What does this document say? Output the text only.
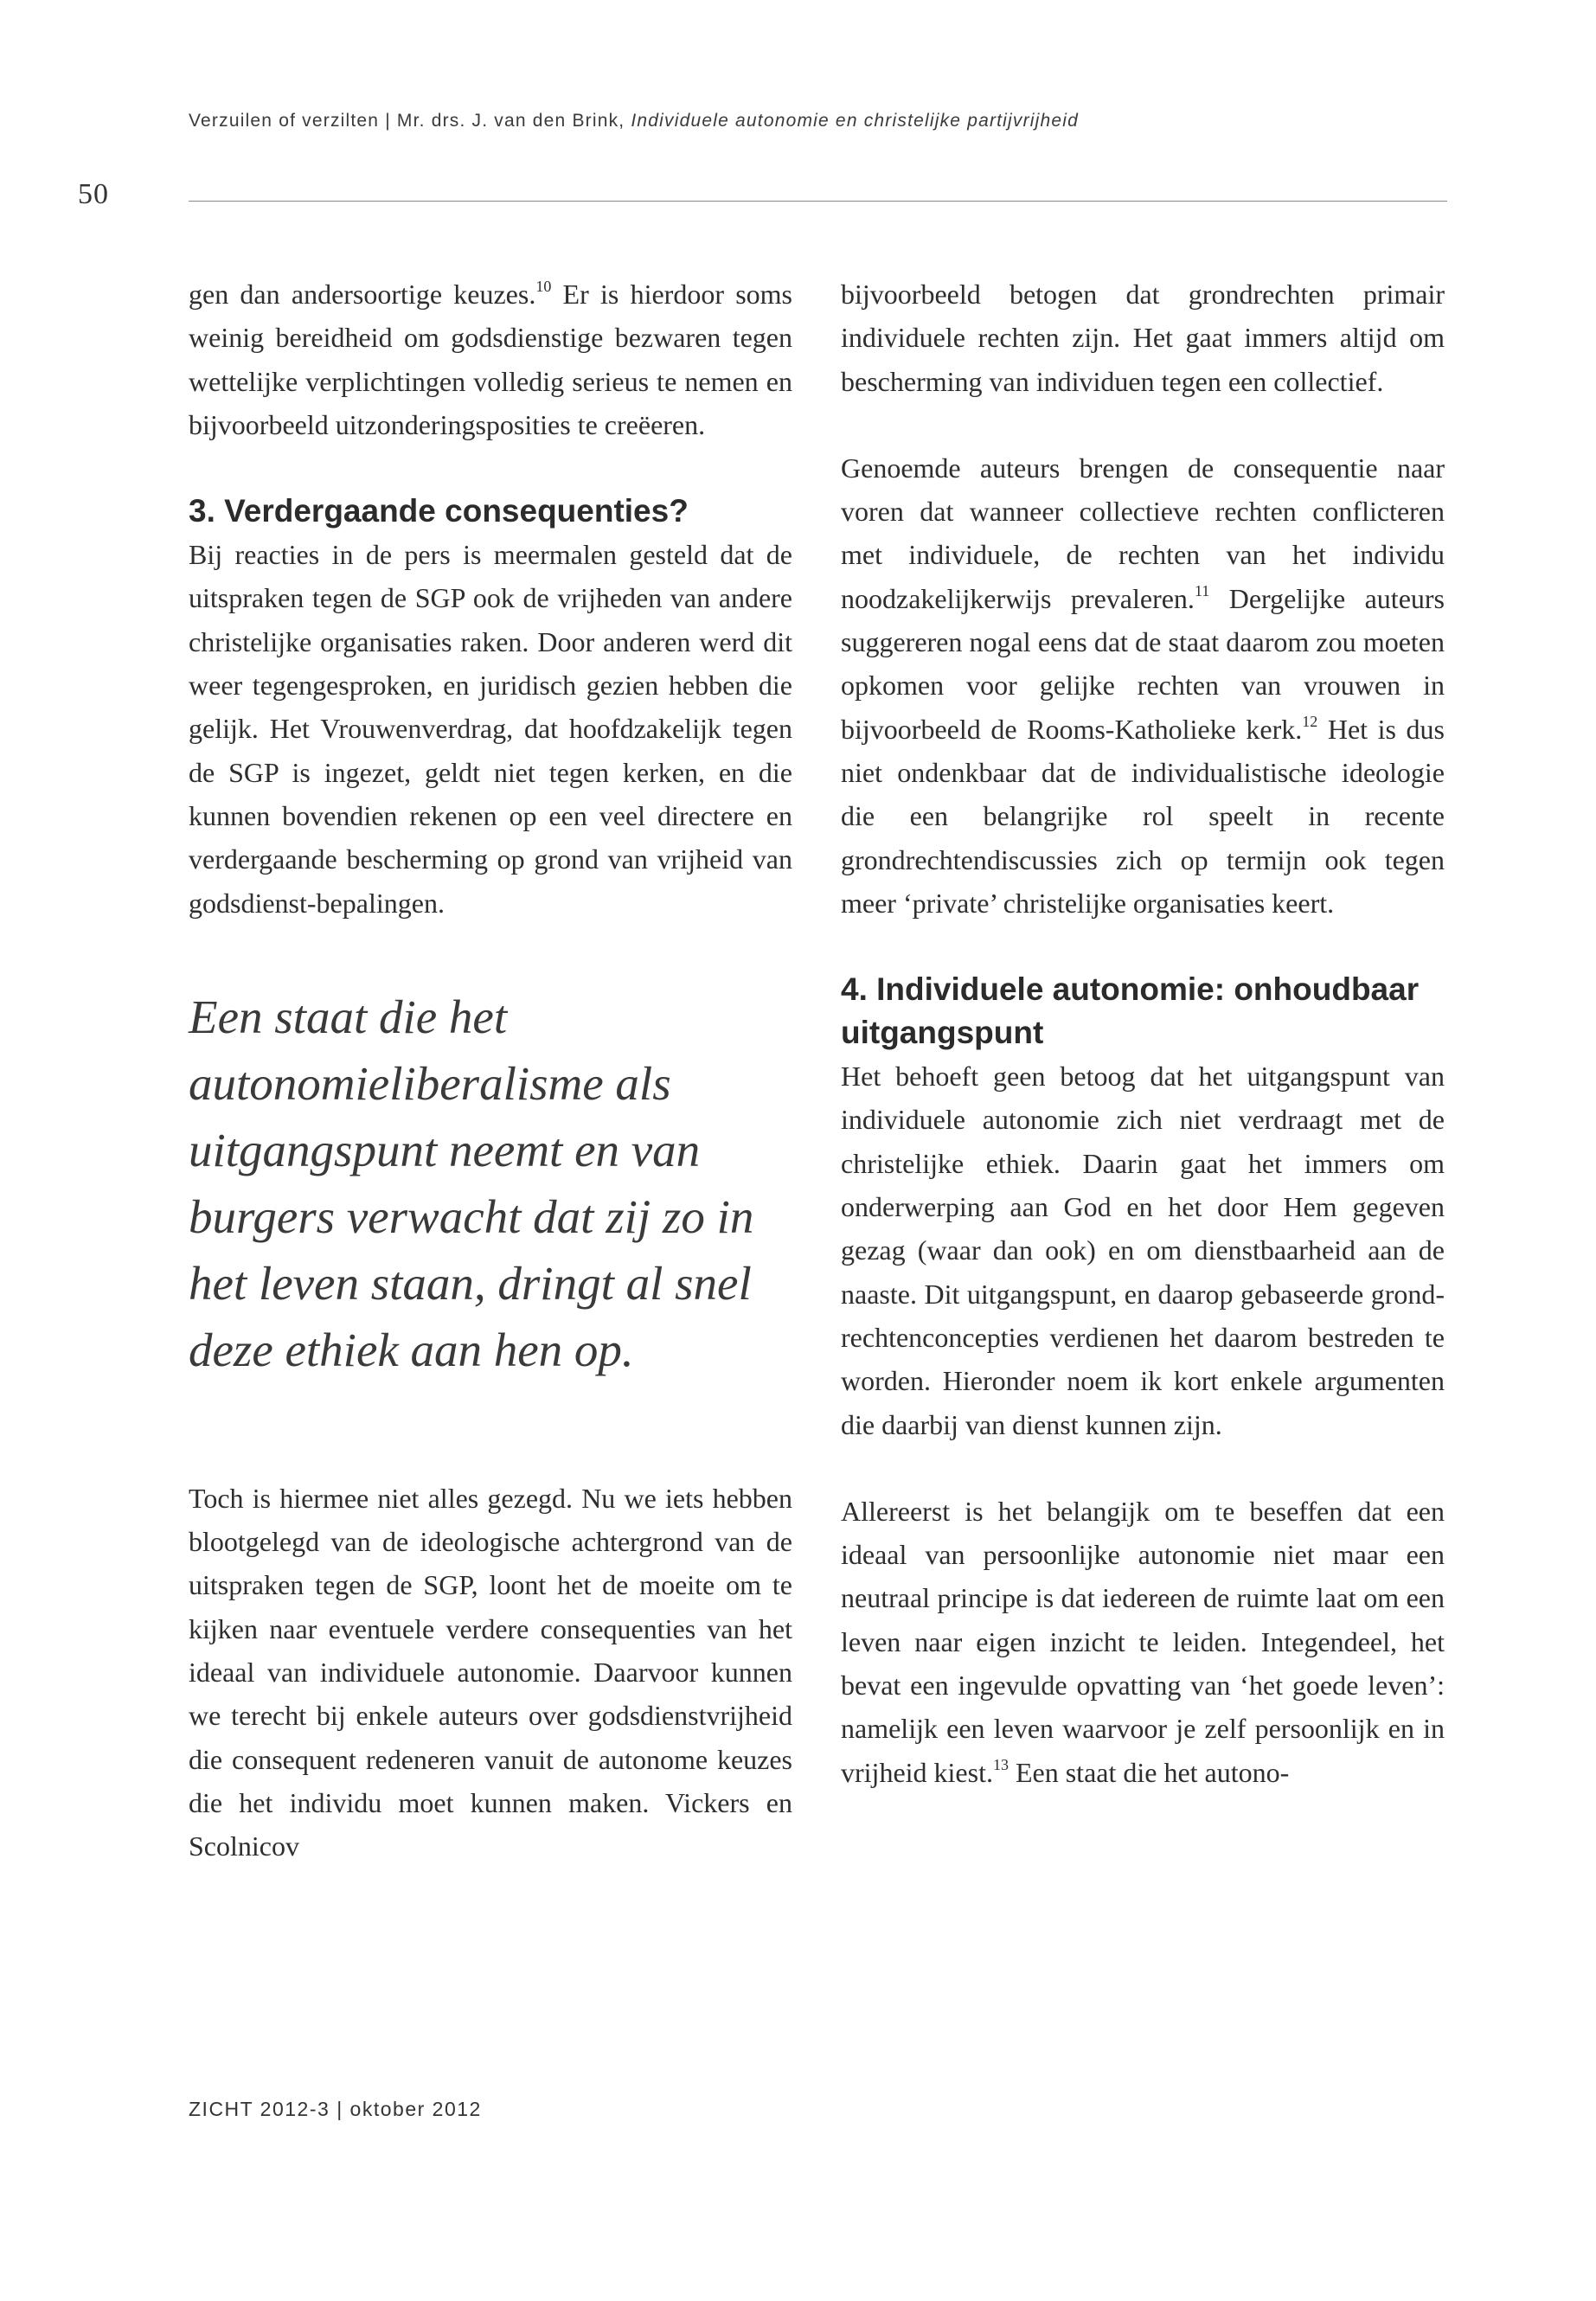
Verzuilen of verzilten | Mr. drs. J. van den Brink, Individuele autonomie en christelijke partijvrijheid
50

gen dan andersoortige keuzes.$^{10}$ Er is hierdoor soms weinig bereidheid om godsdienstige bezwaren tegen wettelijke verplichtingen volledig serieus te nemen en bijvoorbeeld uitzonderingsposities te creëeren.

3. Verdergaande consequenties?

Bij reacties in de pers is meermalen gesteld dat de uitspraken tegen de SGP ook de vrijheden van andere christelijke organisaties raken. Door anderen werd dit weer tegengesproken, en juridisch gezien hebben die gelijk. Het Vrouwenverdrag, dat hoofdzakelijk tegen de SGP is ingezet, geldt niet tegen kerken, en die kunnen bovendien rekenen op een veel directere en verdergaande bescherming op grond van vrijheid van godsdienst-bepalingen.

Een staat die het autonomieliberalisme als uitgangspunt neemt en van burgers verwacht dat zij zo in het leven staan, dringt al snel deze ethiek aan hen op.

Toch is hiermee niet alles gezegd. Nu we iets hebben blootgelegd van de ideologische achtergrond van de uitspraken tegen de SGP, loont het de moeite om te kijken naar eventuele verdere consequenties van het ideaal van individuele autonomie. Daarvoor kunnen we terecht bij enkele auteurs over godsdienstvrijheid die consequent redeneren vanuit de autonome keuzes die het individu moet kunnen maken. Vickers en Scolnicov

bijvoorbeeld betogen dat grondrechten primair individuele rechten zijn. Het gaat immers altijd om bescherming van individuen tegen een collectief.

Genoemde auteurs brengen de consequentie naar voren dat wanneer collectieve rechten conflicteren met individuele, de rechten van het individu noodzakelijkerwijs prevaleren.$^{11}$ Dergelijke auteurs suggereren nogal eens dat de staat daarom zou moeten opkomen voor gelijke rechten van vrouwen in bijvoorbeeld de Rooms-Katholieke kerk.$^{12}$ Het is dus niet ondenkbaar dat de individualistische ideologie die een belangrijke rol speelt in recente grondrechtendiscussies zich op termijn ook tegen meer ‘private’ christelijke organisaties keert.

4. Individuele autonomie: onhoudbaar uitgangspunt

Het behoeft geen betoog dat het uitgangspunt van individuele autonomie zich niet verdraagt met de christelijke ethiek. Daarin gaat het immers om onderwerping aan God en het door Hem gegeven gezag (waar dan ook) en om dienstbaarheid aan de naaste. Dit uitgangspunt, en daarop gebaseerde grondrechtenconcepties verdienen het daarom bestreden te worden. Hieronder noem ik kort enkele argumenten die daarbij van dienst kunnen zijn.

Allereerst is het belangijk om te beseffen dat een ideaal van persoonlijke autonomie niet maar een neutraal principe is dat iedereen de ruimte laat om een leven naar eigen inzicht te leiden. Integendeel, het bevat een ingevulde opvatting van ‘het goede leven’: namelijk een leven waarvoor je zelf persoonlijk en in vrijheid kiest.$^{13}$ Een staat die het autono-

ZICHT 2012-3 | oktober 2012
